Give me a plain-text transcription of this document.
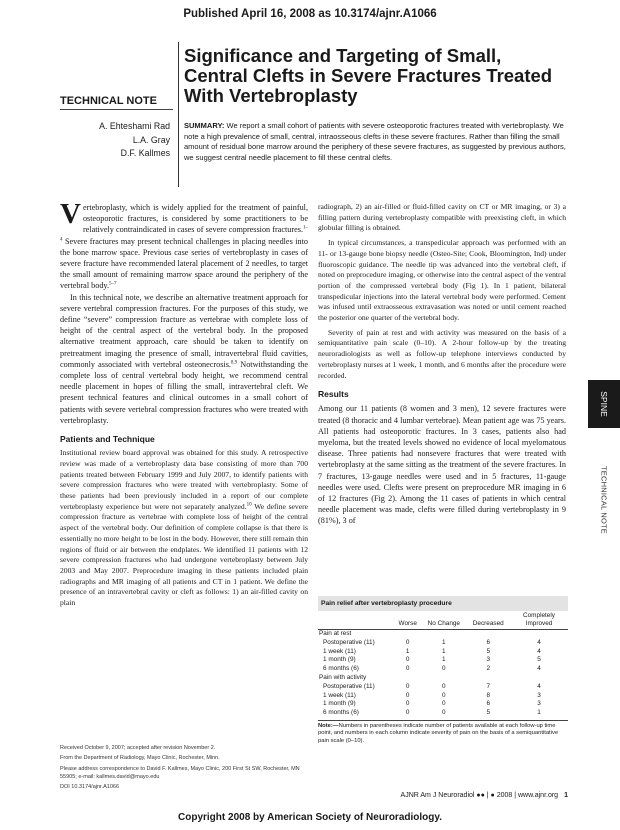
Published April 16, 2008 as 10.3174/ajnr.A1066
TECHNICAL NOTE
Significance and Targeting of Small, Central Clefts in Severe Fractures Treated With Vertebroplasty
A. Ehteshami Rad
L.A. Gray
D.F. Kallmes
SUMMARY: We report a small cohort of patients with severe osteoporotic fractures treated with vertebroplasty. We note a high prevalence of small, central, intraosseous clefts in these severe fractures. Rather than filling the small amount of residual bone marrow around the periphery of these severe fractures, as suggested by previous authors, we suggest central needle placement to fill these central clefts.

Vertebroplasty, which is widely applied for the treatment of painful, osteoporotic fractures, is considered by some practitioners to be relatively contraindicated in cases of severe compression fractures.$^{1-4}$ Severe fractures may present technical challenges in placing needles into the bone marrow space. Previous case series of vertebroplasty in cases of severe fracture have recommended lateral placement of 2 needles, to target the small amount of remaining marrow space around the periphery of the vertebral body.$^{5-7}$

In this technical note, we describe an alternative treatment approach for severe vertebral compression fractures. For the purposes of this study, we define “severe” compression fracture as vertebrae with complete loss of height of the central aspect of the vertebral body. In the proposed alternative treatment approach, care should be taken to identify on pretreatment imaging the presence of small, intravertebral fluid cavities, commonly associated with vertebral osteonecrosis.$^{8,9}$ Notwithstanding the complete loss of central vertebral body height, we recommend central needle placement in hopes of filling the small, intravertebral cleft. We present technical features and clinical outcomes in a small cohort of patients with severe vertebral compression fractures who were treated with vertebroplasty.

Patients and Technique

Institutional review board approval was obtained for this study. A retrospective review was made of a vertebroplasty data base consisting of more than 700 patients treated between February 1999 and July 2007, to identify patients with severe compression fractures who were treated with vertebroplasty. Some of these patients had been previously included in a report of our complete vertebroplasty experience but were not separately analyzed.$^{10}$ We define severe compression fracture as vertebrae with complete loss of height of the central aspect of the vertebral body. Our definition of complete collapse is that there is essentially no more height to be lost in the body. However, there still remain thin regions of fluid or air between the endplates. We identified 11 patients with 12 severe compression fractures who had undergone vertebroplasty between July 2003 and May 2007. Preprocedure imaging in these patients included plain radiographs and MR imaging of all patients and CT in 1 patient. We define the presence of an intravertebral cavity or cleft as follows: 1) an air-filled cavity on plain

radiograph, 2) an air-filled or fluid-filled cavity on CT or MR imaging, or 3) a filling pattern during vertebroplasty compatible with preexisting cleft, in which globular filling is obtained.

In typical circumstances, a transpedicular approach was performed with an 11- or 13-gauge bone biopsy needle (Osteo-Site; Cook, Bloomington, Ind) under fluoroscopic guidance. The needle tip was advanced into the vertebral cleft, if noted on preprocedure imaging, or otherwise into the central aspect of the ventral portion of the compressed vertebral body (Fig 1). In 1 patient, bilateral transpedicular injections into the lateral vertebral body were performed. Cement was infused until extraosseous extravasation was noted or until cement reached the posterior one quarter of the vertebral body.

Severity of pain at rest and with activity was measured on the basis of a semiquantitative pain scale (0–10). A 2-hour follow-up by the treating neuroradiologists as well as follow-up telephone interviews conducted by vertebroplasty nurses at 1 week, 1 month, and 6 months after the procedure were recorded.

Results

Among our 11 patients (8 women and 3 men), 12 severe fractures were treated (8 thoracic and 4 lumbar vertebrae). Mean patient age was 75 years. All patients had osteoporotic fractures. In 3 cases, patients also had myeloma, but the treated levels showed no evidence of local myelomatous disease. Three patients had nonsevere fractures that were treated with vertebroplasty at the same sitting as the treatment of the severe fractures. In 7 fractures, 13-gauge needles were used and in 5 fractures, 11-gauge needles were used. Clefts were present on preprocedure MR imaging in 6 of 12 fractures (Fig 2). Among the 11 cases of patients in which central needle placement was made, clefts were filled during vertebroplasty in 9 (81%), 3 of

Pain relief after vertebroplasty procedure
	Worse	No Change	Decreased	Completely Improved
Pain at rest				
Postoperative (11)	0	1	6	4
1 week (11)	1	1	5	4
1 month (9)	0	1	3	5
6 months (6)	0	0	2	4
Pain with activity				
Postoperative (11)	0	0	7	4
1 week (11)	0	0	8	3
1 month (9)	0	0	6	3
6 months (6)	0	0	5	1
Note:—Numbers in parentheses indicate number of patients available at each follow-up time point, and numbers in each column indicate severity of pain on the basis of a semiquantitative pain scale (0–10).
Received October 9, 2007; accepted after revision November 2.
From the Department of Radiology, Mayo Clinic, Rochester, Minn.
Please address correspondence to David F. Kallmes, Mayo Clinic, 200 First St SW, Rochester, MN 55905; e-mail: kallmes.david@mayo.edu
DOI 10.3174/ajnr.A1066
AJNR Am J Neuroradiol ●● | ● 2008 | www.ajnr.org 1
Copyright 2008 by American Society of Neuroradiology.
SPINE
TECHNICAL NOTE
